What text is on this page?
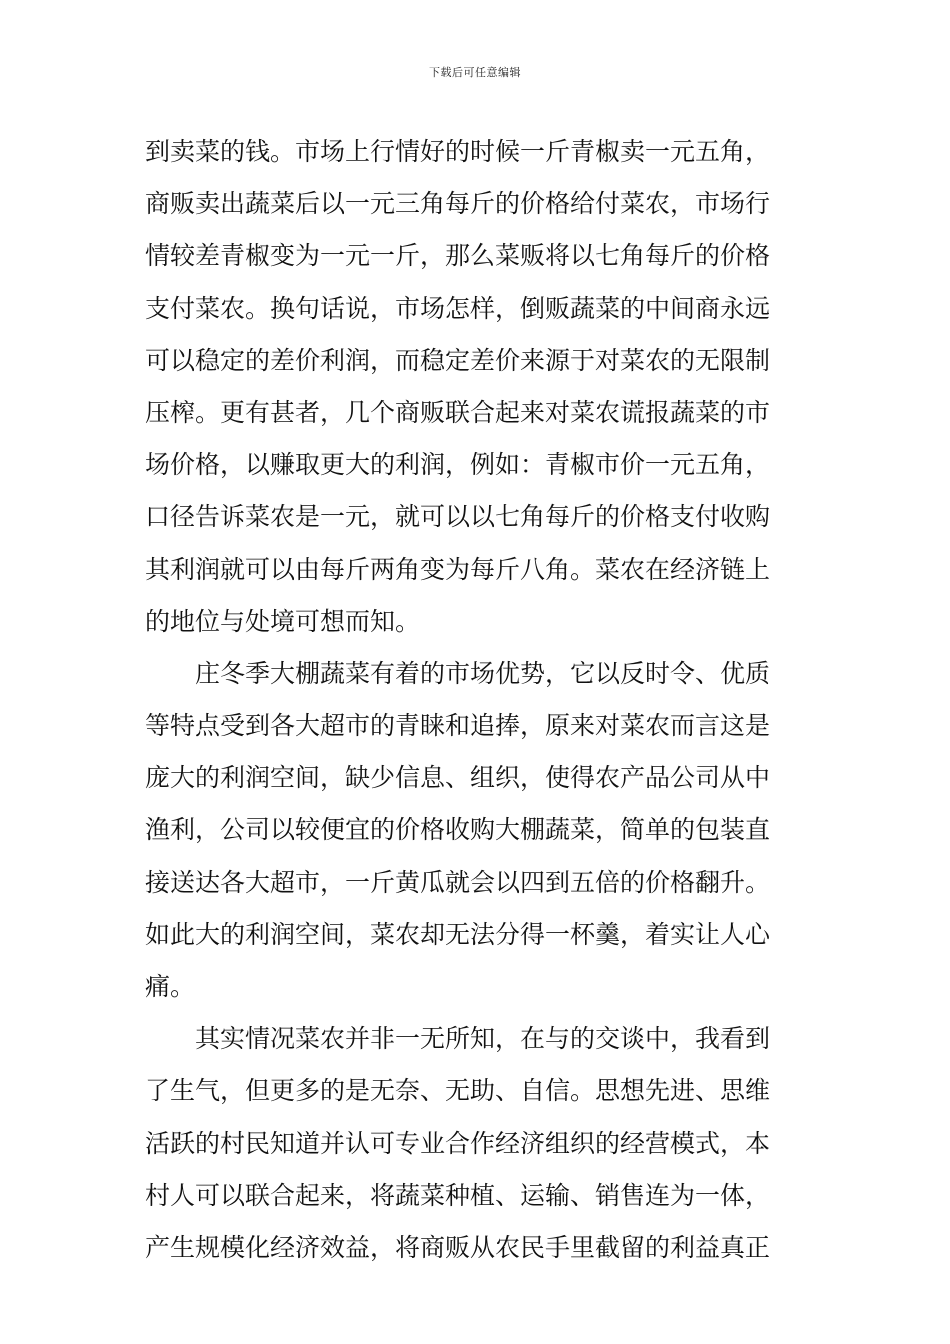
下载后可任意编辑
到卖菜的钱。市场上行情好的时候一斤青椒卖一元五角，
商贩卖出蔬菜后以一元三角每斤的价格给付菜农，市场行
情较差青椒变为一元一斤，那么菜贩将以七角每斤的价格
支付菜农。换句话说，市场怎样，倒贩蔬菜的中间商永远
可以稳定的差价利润，而稳定差价来源于对菜农的无限制
压榨。更有甚者，几个商贩联合起来对菜农谎报蔬菜的市
场价格，以赚取更大的利润，例如：青椒市价一元五角，
口径告诉菜农是一元，就可以以七角每斤的价格支付收购
其利润就可以由每斤两角变为每斤八角。菜农在经济链上
的地位与处境可想而知。
庄冬季大棚蔬菜有着的市场优势，它以反时令、优质
等特点受到各大超市的青睐和追捧，原来对菜农而言这是
庞大的利润空间，缺少信息、组织，使得农产品公司从中
渔利，公司以较便宜的价格收购大棚蔬菜，简单的包装直
接送达各大超市，一斤黄瓜就会以四到五倍的价格翻升。
如此大的利润空间，菜农却无法分得一杯羹，着实让人心
痛。
其实情况菜农并非一无所知，在与的交谈中，我看到
了生气，但更多的是无奈、无助、自信。思想先进、思维
活跃的村民知道并认可专业合作经济组织的经营模式，本
村人可以联合起来，将蔬菜种植、运输、销售连为一体，
产生规模化经济效益，将商贩从农民手里截留的利益真正
